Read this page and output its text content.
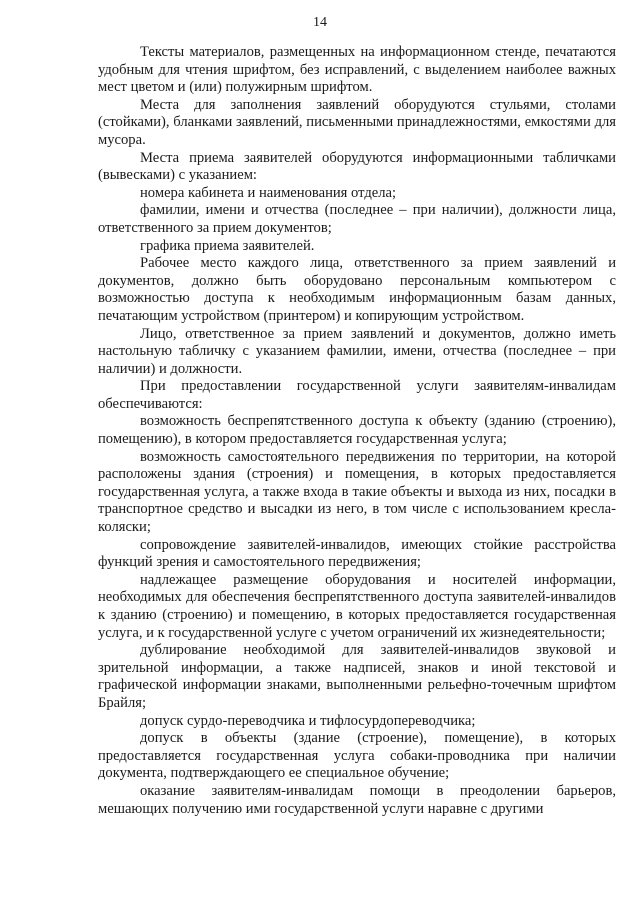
14

Тексты материалов, размещенных на информационном стенде, печатаются удобным для чтения шрифтом, без исправлений, с выделением наиболее важных мест цветом и (или) полужирным шрифтом.

Места для заполнения заявлений оборудуются стульями, столами (стойками), бланками заявлений, письменными принадлежностями, емкостями для мусора.

Места приема заявителей оборудуются информационными табличками (вывесками) с указанием:

номера кабинета и наименования отдела;

фамилии, имени и отчества (последнее – при наличии), должности лица, ответственного за прием документов;

графика приема заявителей.

Рабочее место каждого лица, ответственного за прием заявлений и документов, должно быть оборудовано персональным компьютером с возможностью доступа к необходимым информационным базам данных, печатающим устройством (принтером) и копирующим устройством.

Лицо, ответственное за прием заявлений и документов, должно иметь настольную табличку с указанием фамилии, имени, отчества (последнее – при наличии) и должности.

При предоставлении государственной услуги заявителям-инвалидам обеспечиваются:

возможность беспрепятственного доступа к объекту (зданию (строению), помещению), в котором предоставляется государственная услуга;

возможность самостоятельного передвижения по территории, на которой расположены здания (строения) и помещения, в которых предоставляется государственная услуга, а также входа в такие объекты и выхода из них, посадки в транспортное средство и высадки из него, в том числе с использованием кресла-коляски;

сопровождение заявителей-инвалидов, имеющих стойкие расстройства функций зрения и самостоятельного передвижения;

надлежащее размещение оборудования и носителей информации, необходимых для обеспечения беспрепятственного доступа заявителей-инвалидов к зданию (строению) и помещению, в которых предоставляется государственная услуга, и к государственной услуге с учетом ограничений их жизнедеятельности;

дублирование необходимой для заявителей-инвалидов звуковой и зрительной информации, а также надписей, знаков и иной текстовой и графической информации знаками, выполненными рельефно-точечным шрифтом Брайля;

допуск сурдо-переводчика и тифлосурдопереводчика;

допуск в объекты (здание (строение), помещение), в которых предоставляется государственная услуга собаки-проводника при наличии документа, подтверждающего ее специальное обучение;

оказание заявителям-инвалидам помощи в преодолении барьеров, мешающих получению ими государственной услуги наравне с другими
